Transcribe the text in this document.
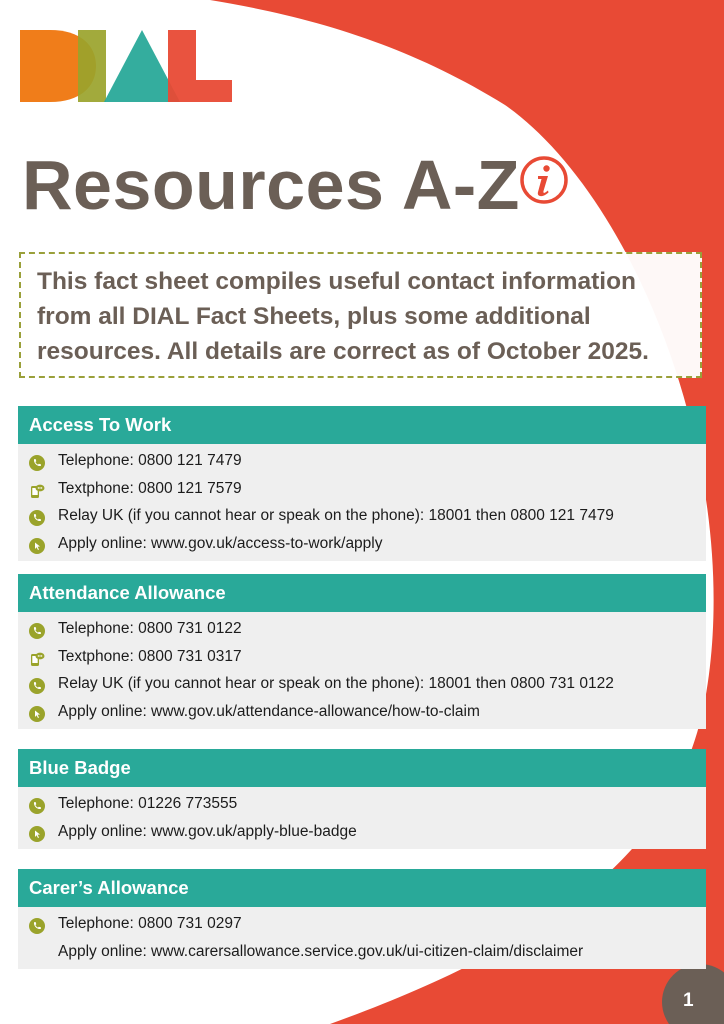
Resources A-Z
This fact sheet compiles useful contact information from all DIAL Fact Sheets, plus some additional resources. All details are correct as of October 2025.
Access To Work
Telephone: 0800 121 7479
Textphone: 0800 121 7579
Relay UK (if you cannot hear or speak on the phone): 18001 then 0800 121 7479
Apply online: www.gov.uk/access-to-work/apply
Attendance Allowance
Telephone: 0800 731 0122
Textphone: 0800 731 0317
Relay UK (if you cannot hear or speak on the phone): 18001 then 0800 731 0122
Apply online: www.gov.uk/attendance-allowance/how-to-claim
Blue Badge
Telephone: 01226 773555
Apply online: www.gov.uk/apply-blue-badge
Carer’s Allowance
Telephone: 0800 731 0297
Apply online: www.carersallowance.service.gov.uk/ui-citizen-claim/disclaimer
1
